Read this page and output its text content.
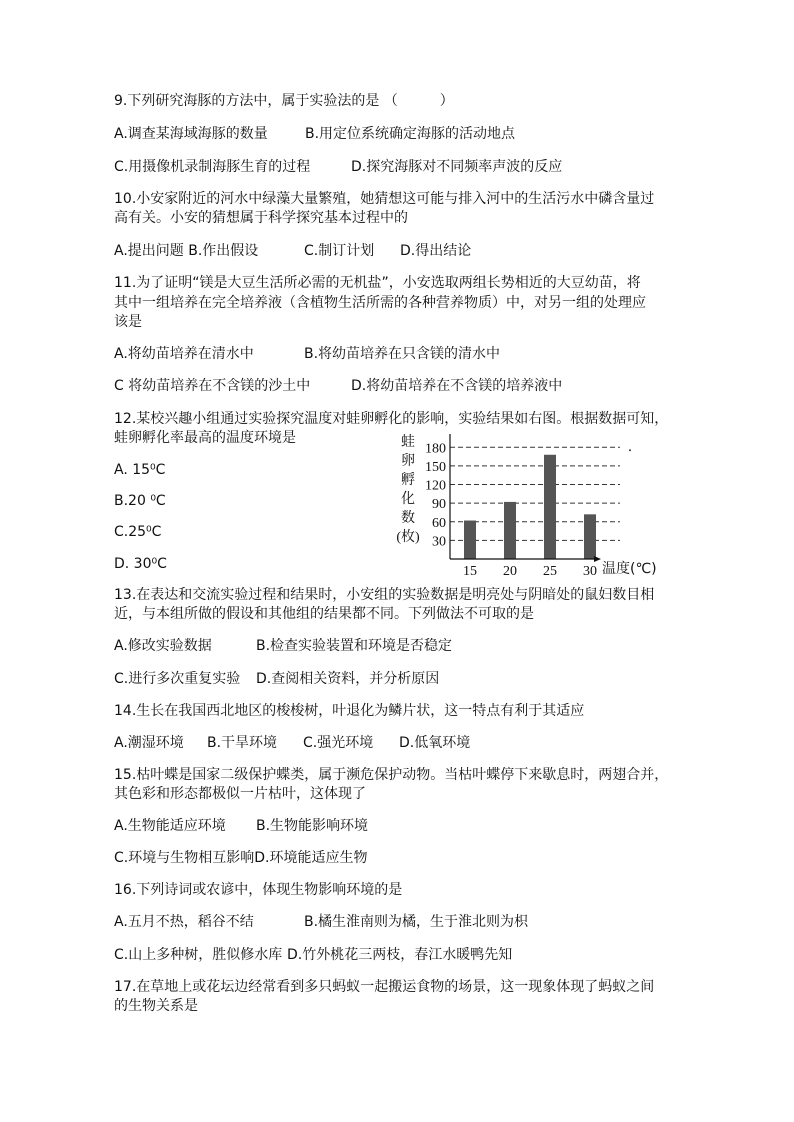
9.下列研究海豚的方法中，属于实验法的是 （　　　）
A.调查某海域海豚的数量	B.用定位系统确定海豚的活动地点
C.用摄像机录制海豚生育的过程	D.探究海豚对不同频率声波的反应
10.小安家附近的河水中绿藻大量繁殖，她猜想这可能与排入河中的生活污水中磷含量过
高有关。小安的猜想属于科学探究基本过程中的
A.提出问题 B.作出假设	C.制订计划 D.得出结论
11.为了证明“镁是大豆生活所必需的无机盐”，小安选取两组长势相近的大豆幼苗，将
其中一组培养在完全培养液（含植物生活所需的各种营养物质）中，对另一组的处理应
该是
A.将幼苗培养在清水中	B.将幼苗培养在只含镁的清水中
C 将幼苗培养在不含镁的沙土中	D.将幼苗培养在不含镁的培养液中
12.某校兴趣小组通过实验探究温度对蛙卵孵化的影响，实验结果如右图。根据数据可知，
蛙卵孵化率最高的温度环境是
A. 15⁰C
B.20 ⁰C
C.25⁰C
D. 30⁰C
蛙
卵
孵
化
数
(枚) 30
60
90
120
150
180
15 20 25 30 温度(℃)
13.在表达和交流实验过程和结果时，小安组的实验数据是明亮处与阴暗处的鼠妇数目相
近，与本组所做的假设和其他组的结果都不同。下列做法不可取的是
A.修改实验数据	B.检查实验装置和环境是否稳定
C.进行多次重复实验 D.查阅相关资料，并分析原因
14.生长在我国西北地区的梭梭树，叶退化为鳞片状，这一特点有利于其适应
A.潮湿环境 B.干旱环境 C.强光环境 D.低氧环境
15.枯叶蝶是国家二级保护蝶类，属于濒危保护动物。当枯叶蝶停下来歇息时，两翅合并，
其色彩和形态都极似一片枯叶，这体现了
A.生物能适应环境 B.生物能影响环境
C.环境与生物相互影响D.环境能适应生物
16.下列诗词或农谚中，体现生物影响环境的是
A.五月不热，稻谷不结	B.橘生淮南则为橘，生于淮北则为枳
C.山上多种树，胜似修水库 D.竹外桃花三两枝，春江水暖鸭先知
17.在草地上或花坛边经常看到多只蚂蚁一起搬运食物的场景，这一现象体现了蚂蚁之间
的生物关系是
